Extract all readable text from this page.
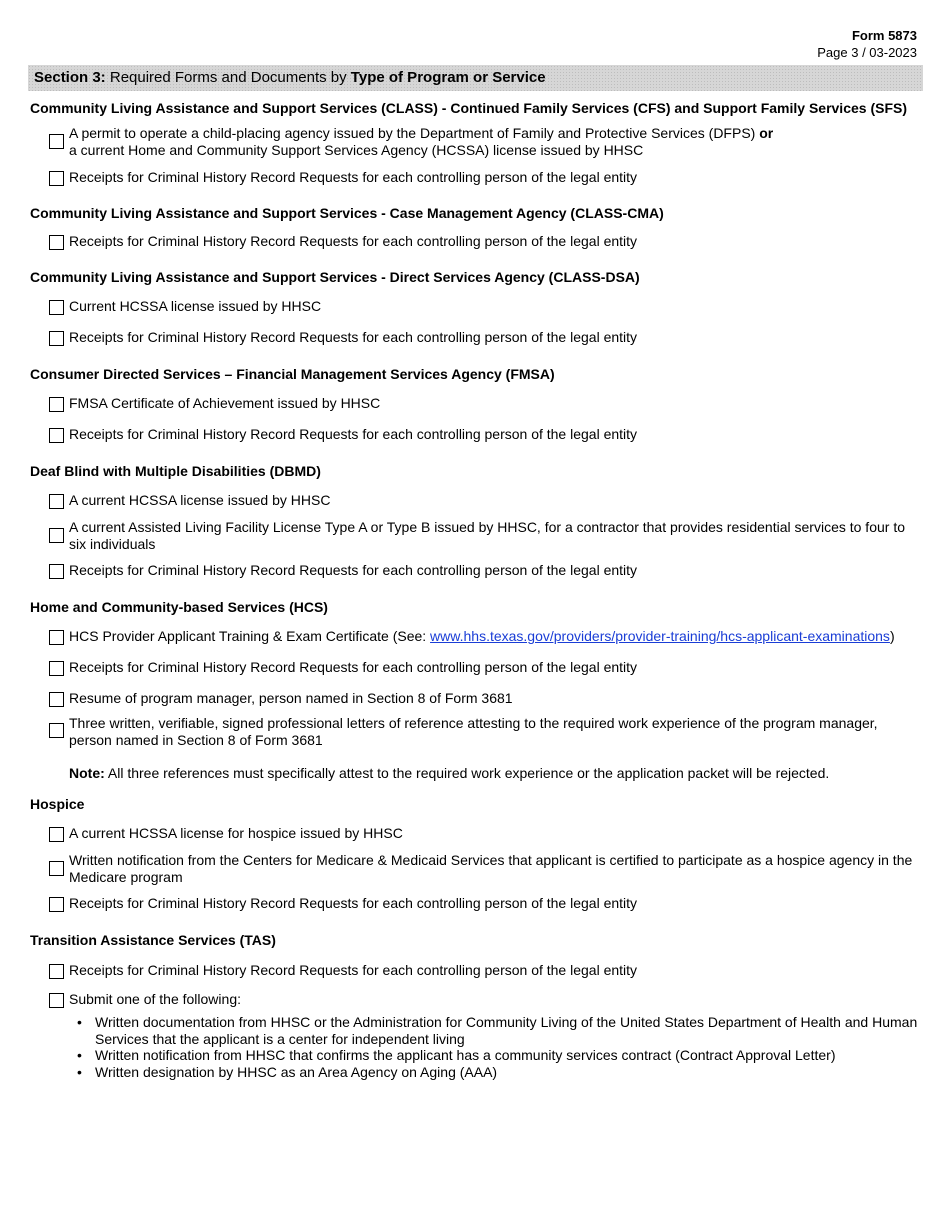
Form 5873
Page 3 / 03-2023
Section 3: Required Forms and Documents by Type of Program or Service
Community Living Assistance and Support Services (CLASS) - Continued Family Services (CFS) and Support Family Services (SFS)
A permit to operate a child-placing agency issued by the Department of Family and Protective Services (DFPS) or
a current Home and Community Support Services Agency (HCSSA) license issued by HHSC
Receipts for Criminal History Record Requests for each controlling person of the legal entity
Community Living Assistance and Support Services - Case Management Agency (CLASS-CMA)
Receipts for Criminal History Record Requests for each controlling person of the legal entity
Community Living Assistance and Support Services - Direct Services Agency (CLASS-DSA)
Current HCSSA license issued by HHSC
Receipts for Criminal History Record Requests for each controlling person of the legal entity
Consumer Directed Services – Financial Management Services Agency (FMSA)
FMSA Certificate of Achievement issued by HHSC
Receipts for Criminal History Record Requests for each controlling person of the legal entity
Deaf Blind with Multiple Disabilities (DBMD)
A current HCSSA license issued by HHSC
A current Assisted Living Facility License Type A or Type B issued by HHSC, for a contractor that provides residential services to four to six individuals
Receipts for Criminal History Record Requests for each controlling person of the legal entity
Home and Community-based Services (HCS)
HCS Provider Applicant Training & Exam Certificate (See: www.hhs.texas.gov/providers/provider-training/hcs-applicant-examinations)
Receipts for Criminal History Record Requests for each controlling person of the legal entity
Resume of program manager, person named in Section 8 of Form 3681
Three written, verifiable, signed professional letters of reference attesting to the required work experience of the program manager, person named in Section 8 of Form 3681
Note: All three references must specifically attest to the required work experience or the application packet will be rejected.
Hospice
A current HCSSA license for hospice issued by HHSC
Written notification from the Centers for Medicare & Medicaid Services that applicant is certified to participate as a hospice agency in the Medicare program
Receipts for Criminal History Record Requests for each controlling person of the legal entity
Transition Assistance Services (TAS)
Receipts for Criminal History Record Requests for each controlling person of the legal entity
Submit one of the following:
• Written documentation from HHSC or the Administration for Community Living of the United States Department of Health and Human Services that the applicant is a center for independent living
• Written notification from HHSC that confirms the applicant has a community services contract (Contract Approval Letter)
• Written designation by HHSC as an Area Agency on Aging (AAA)
